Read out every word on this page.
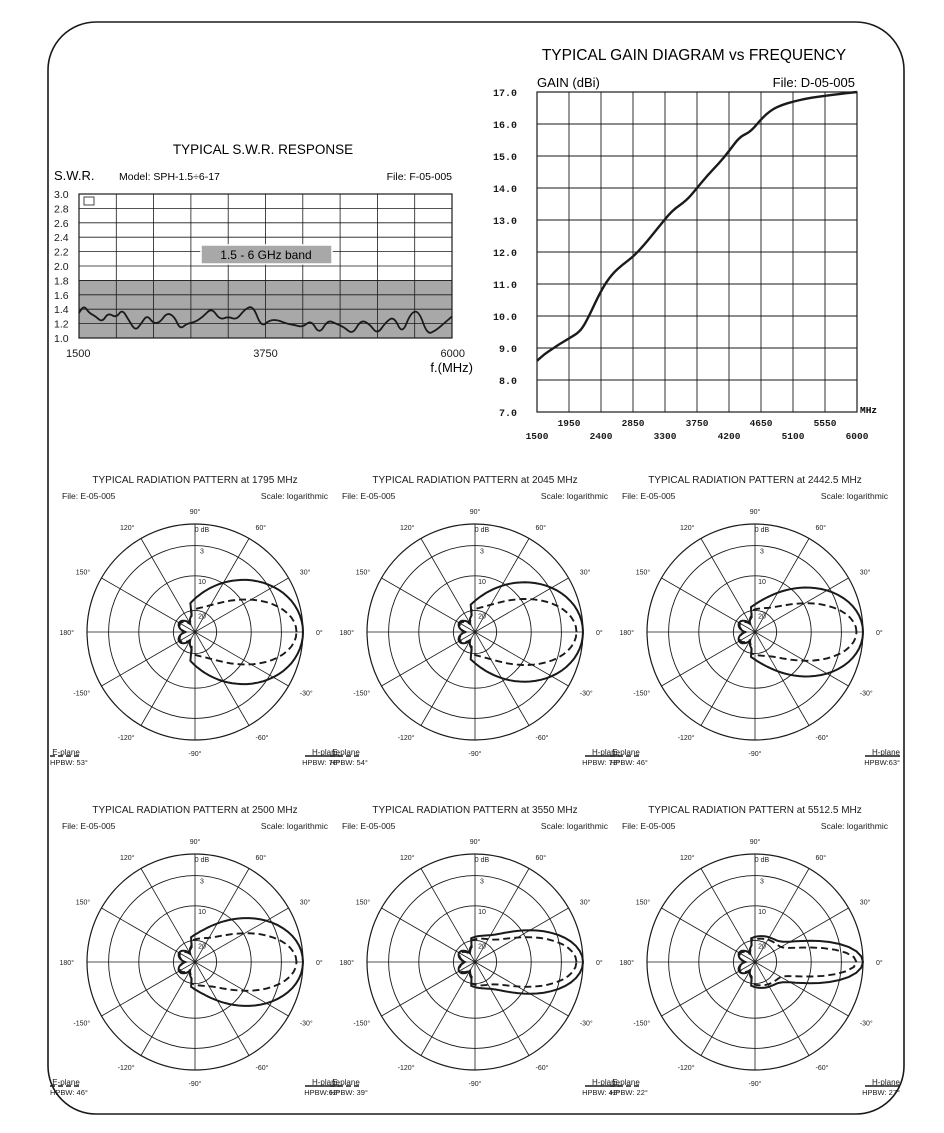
TYPICAL GAIN DIAGRAM vs FREQUENCY
GAIN (dBi)	File: D-05-005
7.0
8.0
9.0
10.0
11.0
12.0
13.0
14.0
15.0
16.0
17.0
1950	2850	3750	4650	5550
1500	2400	3300	4200	5100	6000
MHz
TYPICAL S.W.R. RESPONSE
S.W.R. Model: SPH-1.5÷6-17	File: F-05-005
1.0
1.2
1.4
1.6
1.8
2.0
2.2
2.4
2.6
2.8
3.0
1500	3750	6000
1.5 - 6 GHz band
f.(MHz)
TYPICAL RADIATION PATTERN at 1795 MHz
File: E-05-005	Scale: logarithmic
0 dB
3
10
20
90°
60°
30°
0°
-30°
-60°
-90°
-120°
-150°
180°
150°
120°
E-plane
HPBW: 53°
H-plane
HPBW: 78°
TYPICAL RADIATION PATTERN at 2045 MHz
File: E-05-005	Scale: logarithmic
0 dB
3
10
20
90°
60°
30°
0°
-30°
-60°
-90°
-120°
-150°
180°
150°
120°
E-plane
HPBW: 54°
H-plane
HPBW: 73°
TYPICAL RADIATION PATTERN at 2442.5 MHz
File: E-05-005	Scale: logarithmic
0 dB
3
10
20
90°
60°
30°
0°
-30°
-60°
-90°
-120°
-150°
180°
150°
120°
E-plane
HPBW: 46°
H-plane
HPBW:63°
TYPICAL RADIATION PATTERN at 2500 MHz
File: E-05-005	Scale: logarithmic
0 dB
3
10
20
90°
60°
30°
0°
-30°
-60°
-90°
-120°
-150°
180°
150°
120°
E-plane
HPBW: 46°
H-plane
HPBW:62°
TYPICAL RADIATION PATTERN at 3550 MHz
File: E-05-005	Scale: logarithmic
0 dB
3
10
20
90°
60°
30°
0°
-30°
-60°
-90°
-120°
-150°
180°
150°
120°
E-plane
HPBW: 39°
H-plane
HPBW: 42°
TYPICAL RADIATION PATTERN at 5512.5 MHz
File: E-05-005	Scale: logarithmic
0 dB
3
10
20
90°
60°
30°
0°
-30°
-60°
-90°
-120°
-150°
180°
150°
120°
E-plane
HPBW: 22°
H-plane
HPBW: 27°
